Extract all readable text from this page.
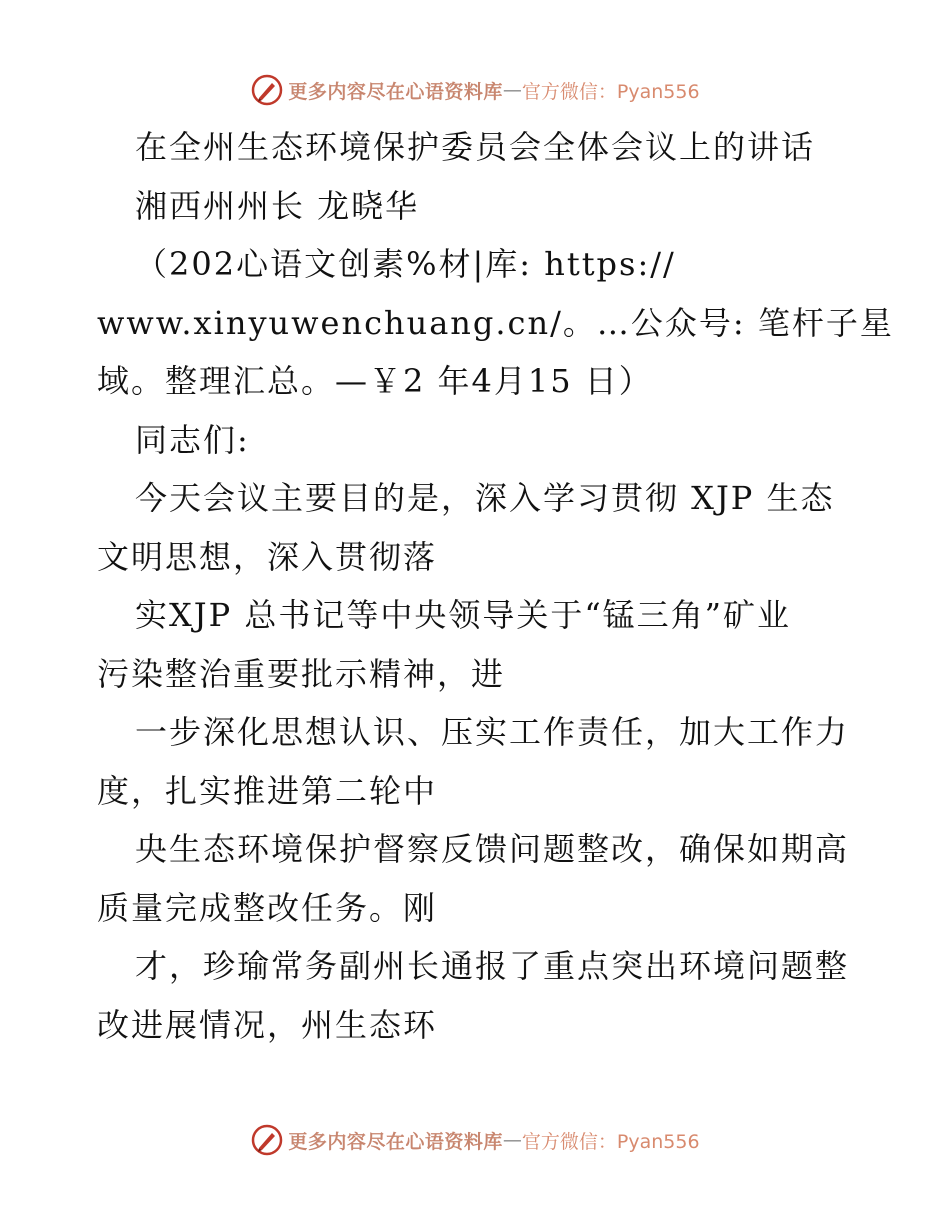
更多内容尽在心语资料库 — 官方微信：Pyan556
在全州生态环境保护委员会全体会议上的讲话
湘西州州长 龙晓华
（202心语文创素%材|库: https://
www.xinyuwenchuang.cn/。…公众号: 笔杆子星
域。整理汇总。—￥2 年4月15 日）
同志们:
今天会议主要目的是，深入学习贯彻 XJP 生态
文明思想，深入贯彻落
实XJP 总书记等中央领导关于“锰三角”矿业
污染整治重要批示精神，进
一步深化思想认识、压实工作责任，加大工作力
度，扎实推进第二轮中
央生态环境保护督察反馈问题整改，确保如期高
质量完成整改任务。刚
才，珍瑜常务副州长通报了重点突出环境问题整
改进展情况，州生态环
更多内容尽在心语资料库 — 官方微信：Pyan556
